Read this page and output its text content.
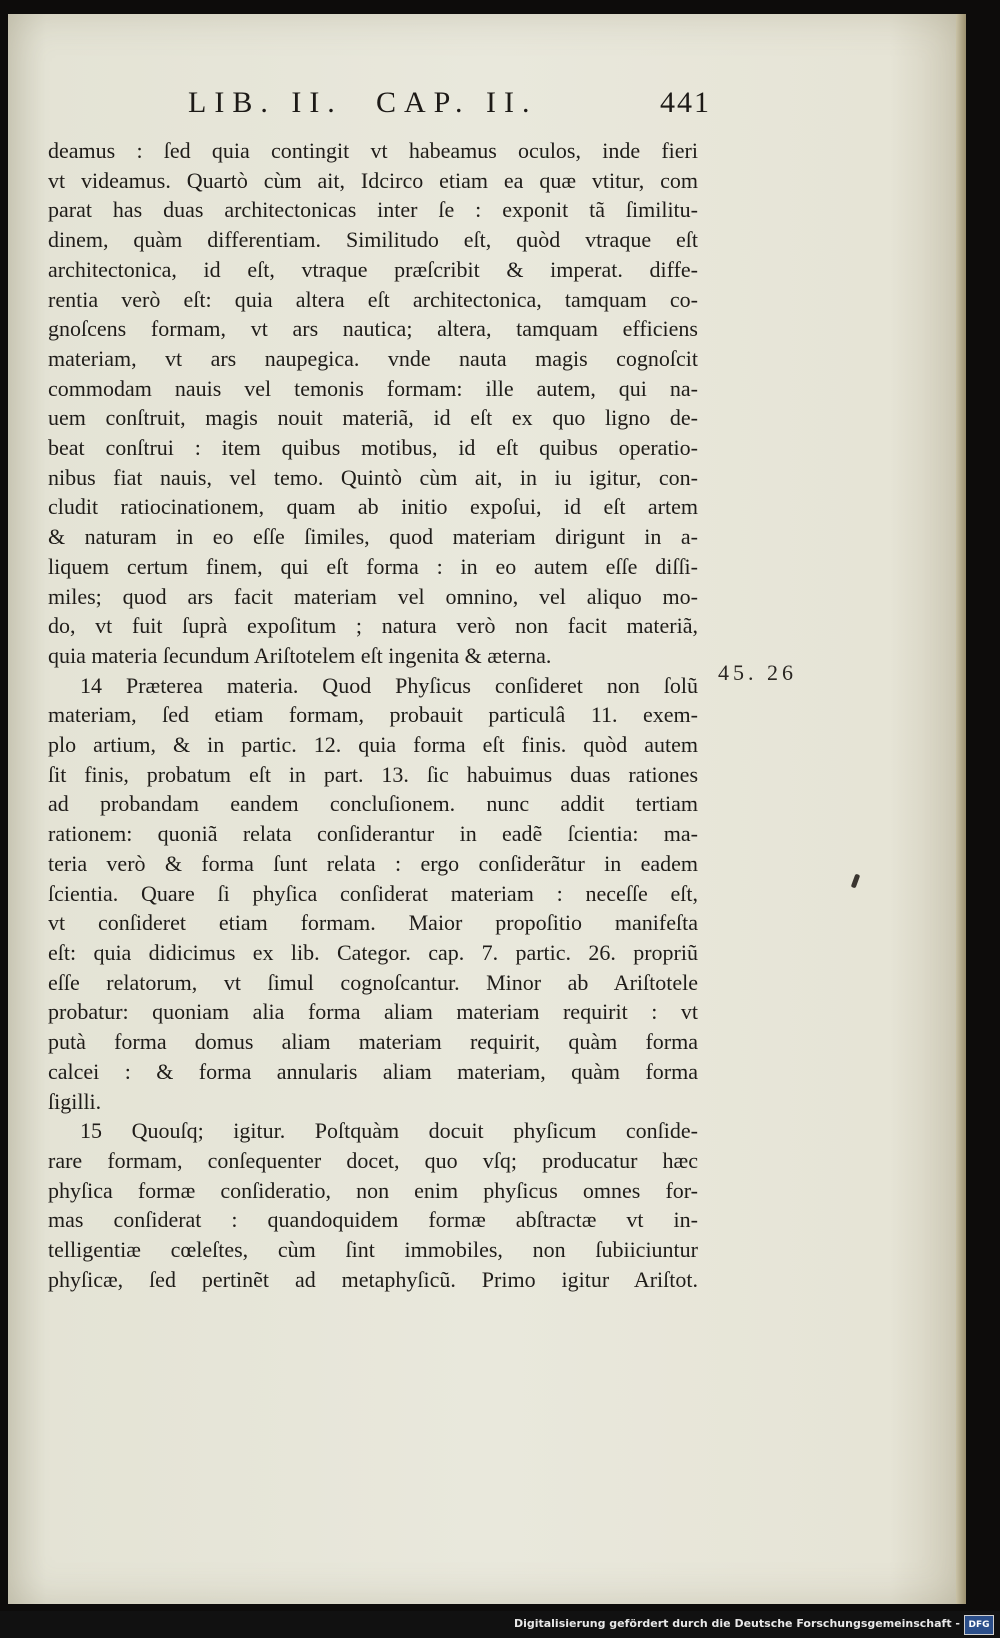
LIB. II. CAP. II.	441
deamus : ſed quia contingit vt habeamus oculos, inde fieri
vt videamus. Quartò cùm ait, Idcirco etiam ea quæ vtitur, com
parat has duas architectonicas inter ſe : exponit tã ſimilitu-
dinem, quàm differentiam. Similitudo eſt, quòd vtraque eſt
architectonica, id eſt, vtraque præſcribit & imperat. diffe-
rentia verò eſt: quia altera eſt architectonica, tamquam co-
gnoſcens formam, vt ars nautica; altera, tamquam efficiens
materiam, vt ars naupegica. vnde nauta magis cognoſcit
commodam nauis vel temonis formam: ille autem, qui na-
uem conſtruit, magis nouit materiã, id eſt ex quo ligno de-
beat conſtrui : item quibus motibus, id eſt quibus operatio-
nibus fiat nauis, vel temo. Quintò cùm ait, in iu igitur, con-
cludit ratiocinationem, quam ab initio expoſui, id eſt artem
& naturam in eo eſſe ſimiles, quod materiam dirigunt in a-
liquem certum finem, qui eſt forma : in eo autem eſſe diſſi-
miles; quod ars facit materiam vel omnino, vel aliquo mo-
do, vt fuit ſuprà expoſitum ; natura verò non facit materiã,
quia materia ſecundum Ariſtotelem eſt ingenita & æterna.
14 Præterea materia. Quod Phyſicus conſideret non ſolũ
materiam, ſed etiam formam, probauit particulâ 11. exem-
plo artium, & in partic. 12. quia forma eſt finis. quòd autem
ſit finis, probatum eſt in part. 13. ſic habuimus duas rationes
ad probandam eandem concluſionem. nunc addit tertiam
rationem: quoniã relata conſiderantur in eadẽ ſcientia: ma-
teria verò & forma ſunt relata : ergo conſiderãtur in eadem
ſcientia. Quare ſi phyſica conſiderat materiam : neceſſe eſt,
vt conſideret etiam formam. Maior propoſitio manifeſta
eſt: quia didicimus ex lib. Categor. cap. 7. partic. 26. propriũ
eſſe relatorum, vt ſimul cognoſcantur. Minor ab Ariſtotele
probatur: quoniam alia forma aliam materiam requirit : vt
putà forma domus aliam materiam requirit, quàm forma
calcei : & forma annularis aliam materiam, quàm forma
ſigilli.
15 Quouſq; igitur. Poſtquàm docuit phyſicum conſide-
rare formam, conſequenter docet, quo vſq; producatur hæc
phyſica formæ conſideratio, non enim phyſicus omnes for-
mas conſiderat : quandoquidem formæ abſtractæ vt in-
telligentiæ cœleſtes, cùm ſint immobiles, non ſubiiciuntur
phyſicæ, ſed pertinẽt ad metaphyſicũ. Primo igitur Ariſtot.
45. 26
Digitalisierung gefördert durch die Deutsche Forschungsgemeinschaft - DFG
